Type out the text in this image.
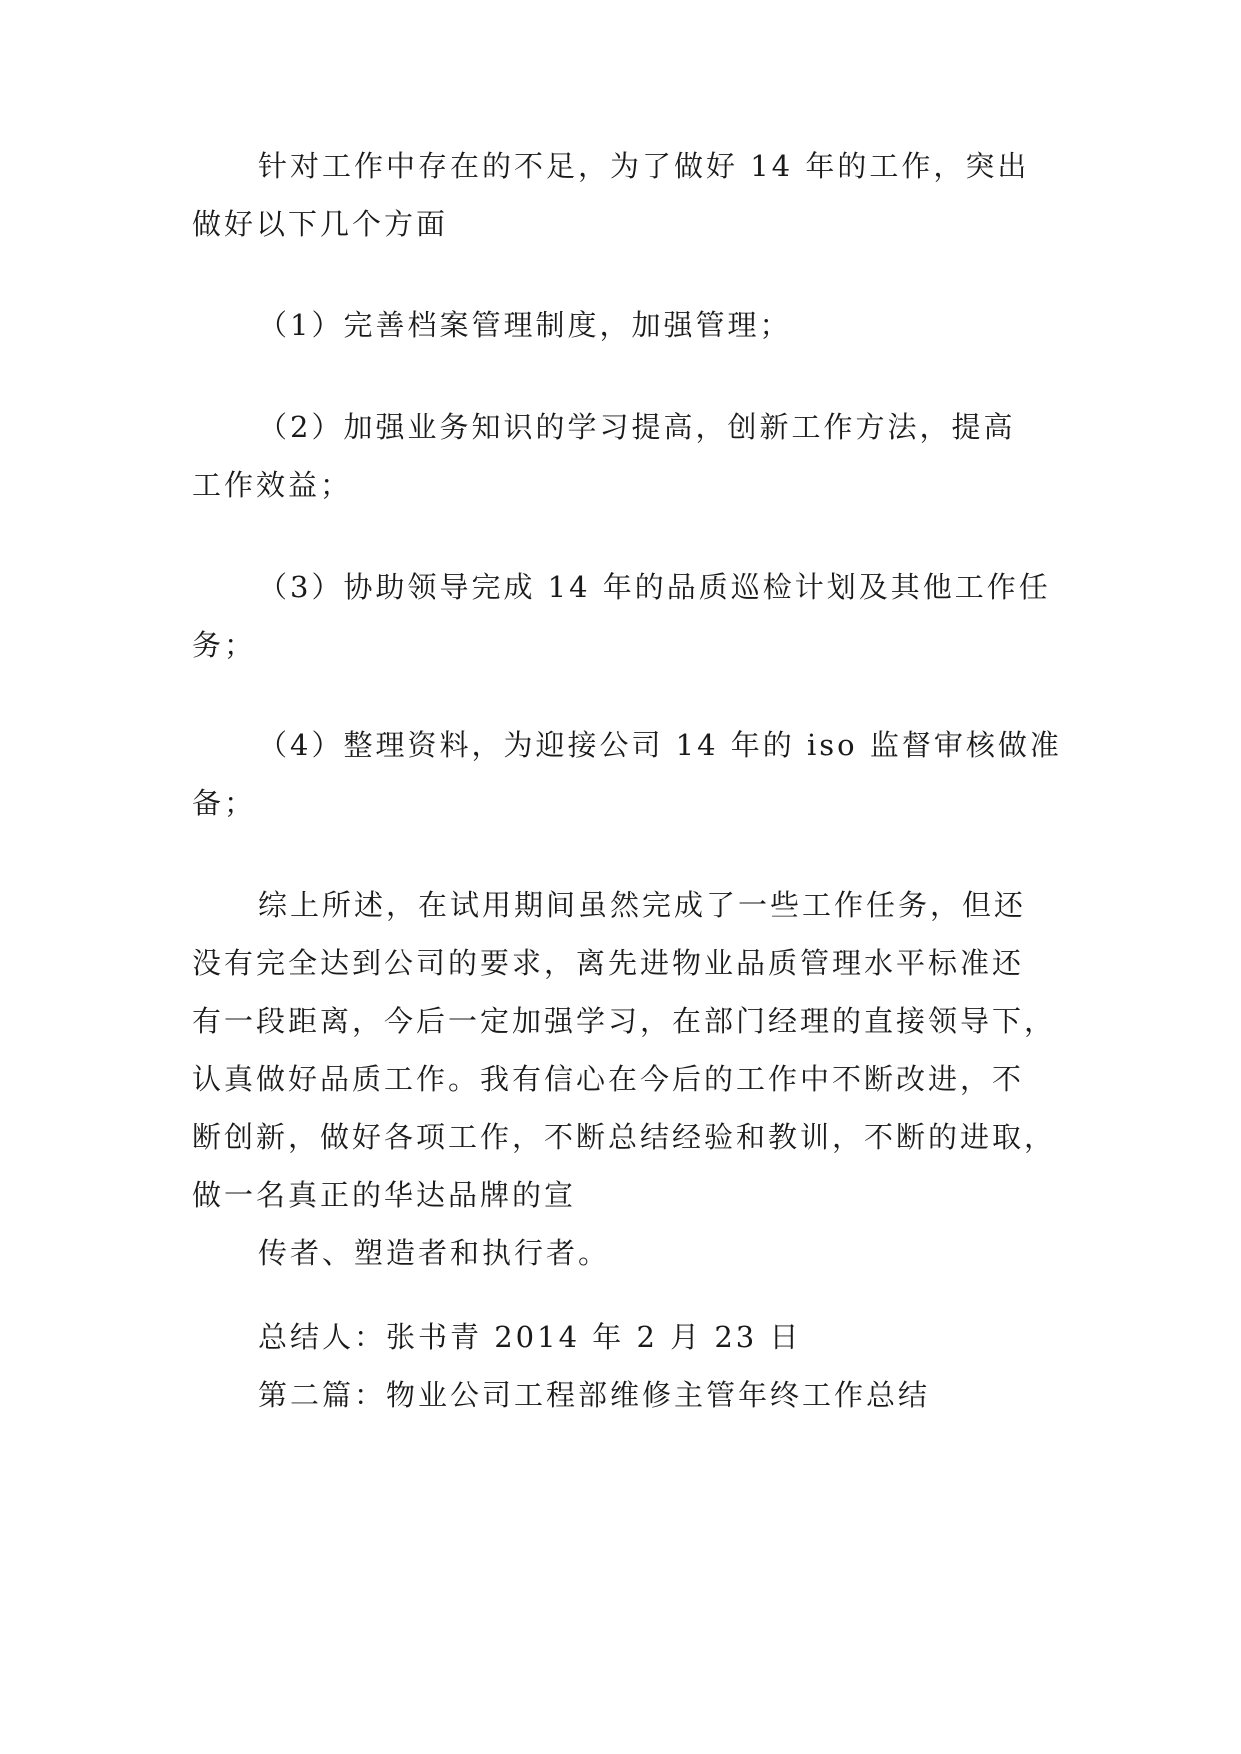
针对工作中存在的不足，为了做好 14 年的工作，突出
做好以下几个方面
（1）完善档案管理制度，加强管理；
（2）加强业务知识的学习提高，创新工作方法，提高
工作效益；
（3）协助领导完成 14 年的品质巡检计划及其他工作任
务；
（4）整理资料，为迎接公司 14 年的 iso 监督审核做准
备；
综上所述，在试用期间虽然完成了一些工作任务，但还
没有完全达到公司的要求，离先进物业品质管理水平标准还
有一段距离，今后一定加强学习，在部门经理的直接领导下，
认真做好品质工作。我有信心在今后的工作中不断改进，不
断创新，做好各项工作，不断总结经验和教训，不断的进取，
做一名真正的华达品牌的宣
传者、塑造者和执行者。
总结人：张书青 2014 年 2 月 23 日
第二篇：物业公司工程部维修主管年终工作总结
